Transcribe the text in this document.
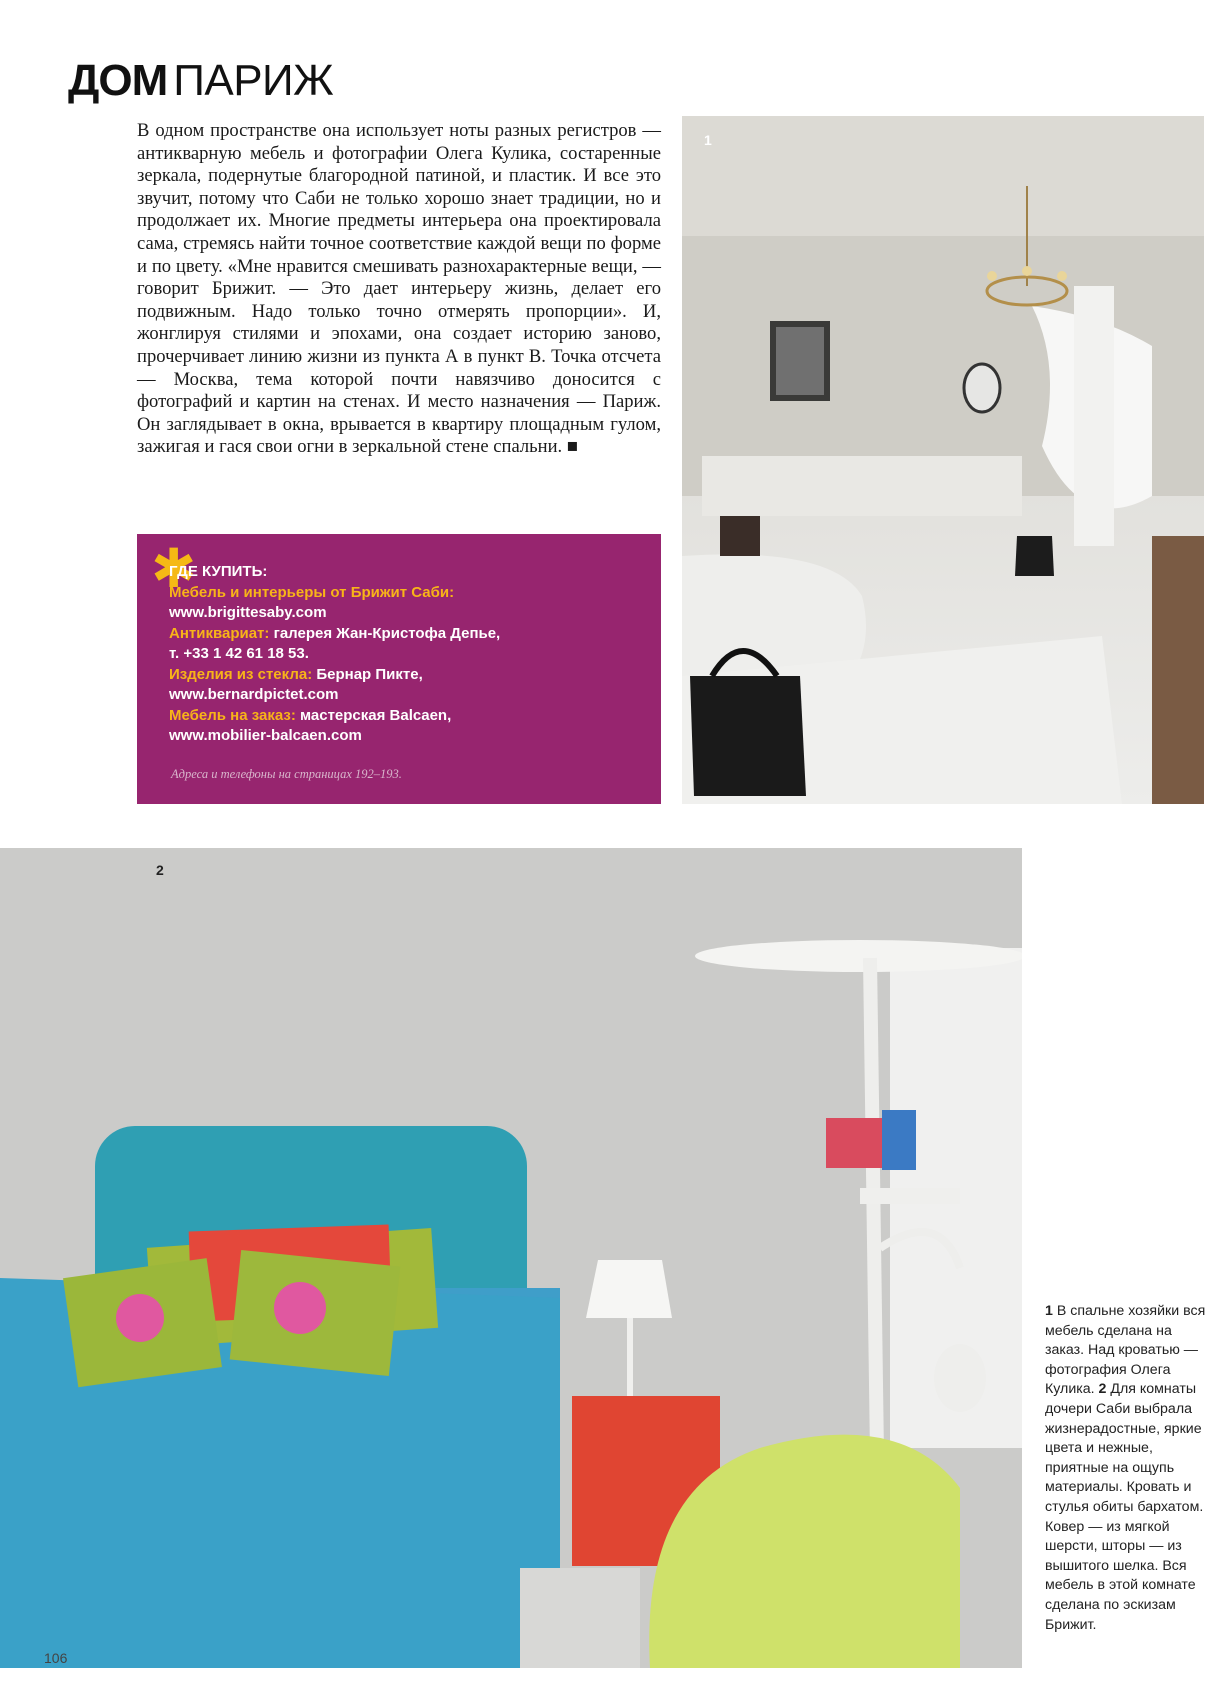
ДОМ ПАРИЖ

В одном пространстве она использует ноты разных регистров — антикварную мебель и фотографии Олега Кулика, состаренные зеркала, подернутые благородной патиной, и пластик. И все это звучит, потому что Саби не только хорошо знает традиции, но и продолжает их. Многие предметы интерьера она проектировала сама, стремясь найти точное соответствие каждой вещи по форме и по цвету. «Мне нравится смешивать разнохарактерные вещи, — говорит Брижит. — Это дает интерьеру жизнь, делает его подвижным. Надо только точно отмерять пропорции». И, жонглируя стилями и эпохами, она создает историю заново, прочерчивает линию жизни из пункта А в пункт В. Точка отсчета — Москва, тема которой почти навязчиво доносится с фотографий и картин на стенах. И место назначения — Париж. Он заглядывает в окна, врывается в квартиру площадным гулом, зажигая и гася свои огни в зеркальной стене спальни. ■

✱
ГДЕ КУПИТЬ:
Мебель и интерьеры от Брижит Саби:
www.brigittesaby.com
Антиквариат: галерея Жан-Кристофа Депье,
т. +33 1 42 61 18 53.
Изделия из стекла: Бернар Пикте,
www.bernardpictet.com
Мебель на заказ: мастерская Balcaen,
www.mobilier-balcaen.com
Адреса и телефоны на страницах 192–193.
1
2

1 В спальне хозяйки вся мебель сделана на заказ. Над кроватью — фотография Олега Кулика. 2 Для комнаты дочери Саби выбрала жизнерадостные, яркие цвета и нежные, приятные на ощупь материалы. Кровать и стулья обиты бархатом. Ковер — из мягкой шерсти, шторы — из вышитого шелка. Вся мебель в этой комнате сделана по эскизам Брижит.

106
